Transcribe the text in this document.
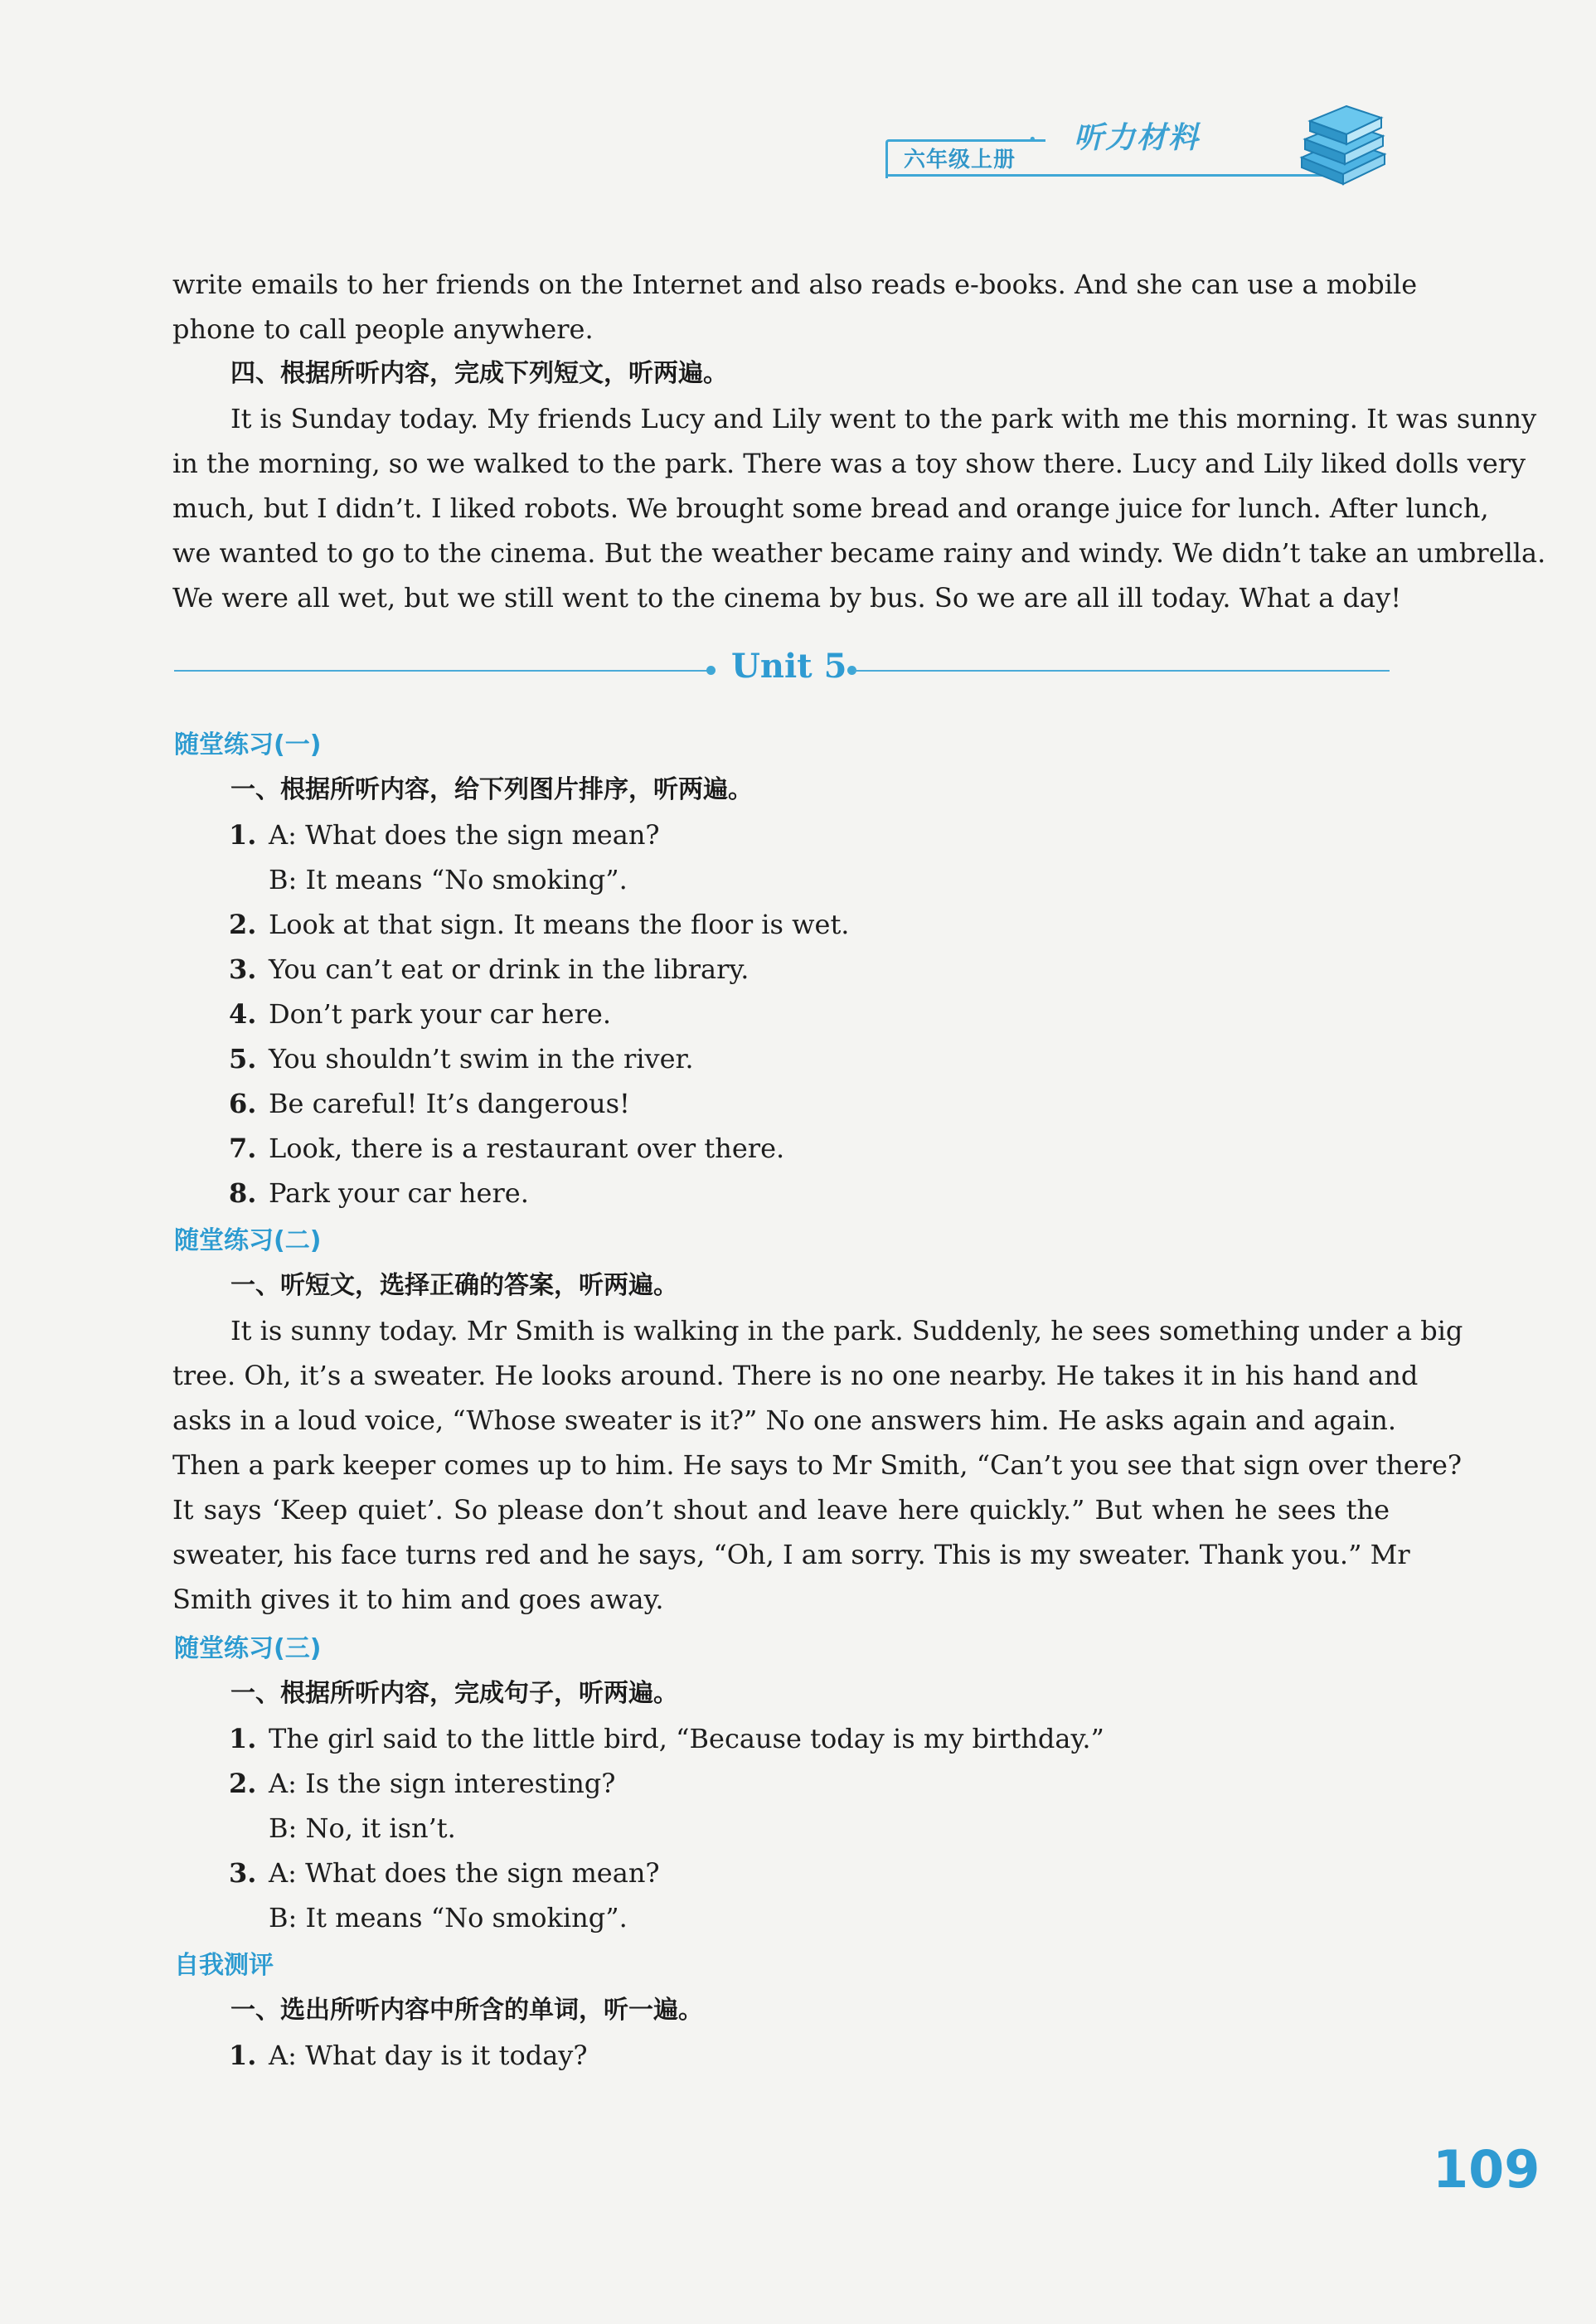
六年级上册
• 听力材料
write emails to her friends on the Internet and also reads e-books. And she can use a mobile
phone to call people anywhere.
四、根据所听内容，完成下列短文，听两遍。
It is Sunday today. My friends Lucy and Lily went to the park with me this morning. It was sunny
in the morning, so we walked to the park. There was a toy show there. Lucy and Lily liked dolls very
much, but I didn’t. I liked robots. We brought some bread and orange juice for lunch. After lunch,
we wanted to go to the cinema. But the weather became rainy and windy. We didn’t take an umbrella.
We were all wet, but we still went to the cinema by bus. So we are all ill today. What a day!
Unit 5
随堂练习(一)
一、根据所听内容，给下列图片排序，听两遍。
1. A: What does the sign mean?
B: It means “No smoking”.
2. Look at that sign. It means the floor is wet.
3. You can’t eat or drink in the library.
4. Don’t park your car here.
5. You shouldn’t swim in the river.
6. Be careful! It’s dangerous!
7. Look, there is a restaurant over there.
8. Park your car here.
随堂练习(二)
一、听短文，选择正确的答案，听两遍。
It is sunny today. Mr Smith is walking in the park. Suddenly, he sees something under a big
tree. Oh, it’s a sweater. He looks around. There is no one nearby. He takes it in his hand and
asks in a loud voice, “Whose sweater is it?” No one answers him. He asks again and again.
Then a park keeper comes up to him. He says to Mr Smith, “Can’t you see that sign over there?
It says ‘Keep quiet’. So please don’t shout and leave here quickly.” But when he sees the
sweater, his face turns red and he says, “Oh, I am sorry. This is my sweater. Thank you.” Mr
Smith gives it to him and goes away.
随堂练习(三)
一、根据所听内容，完成句子，听两遍。
1. The girl said to the little bird, “Because today is my birthday.”
2. A: Is the sign interesting?
B: No, it isn’t.
3. A: What does the sign mean?
B: It means “No smoking”.
自我测评
一、选出所听内容中所含的单词，听一遍。
1. A: What day is it today?
109
